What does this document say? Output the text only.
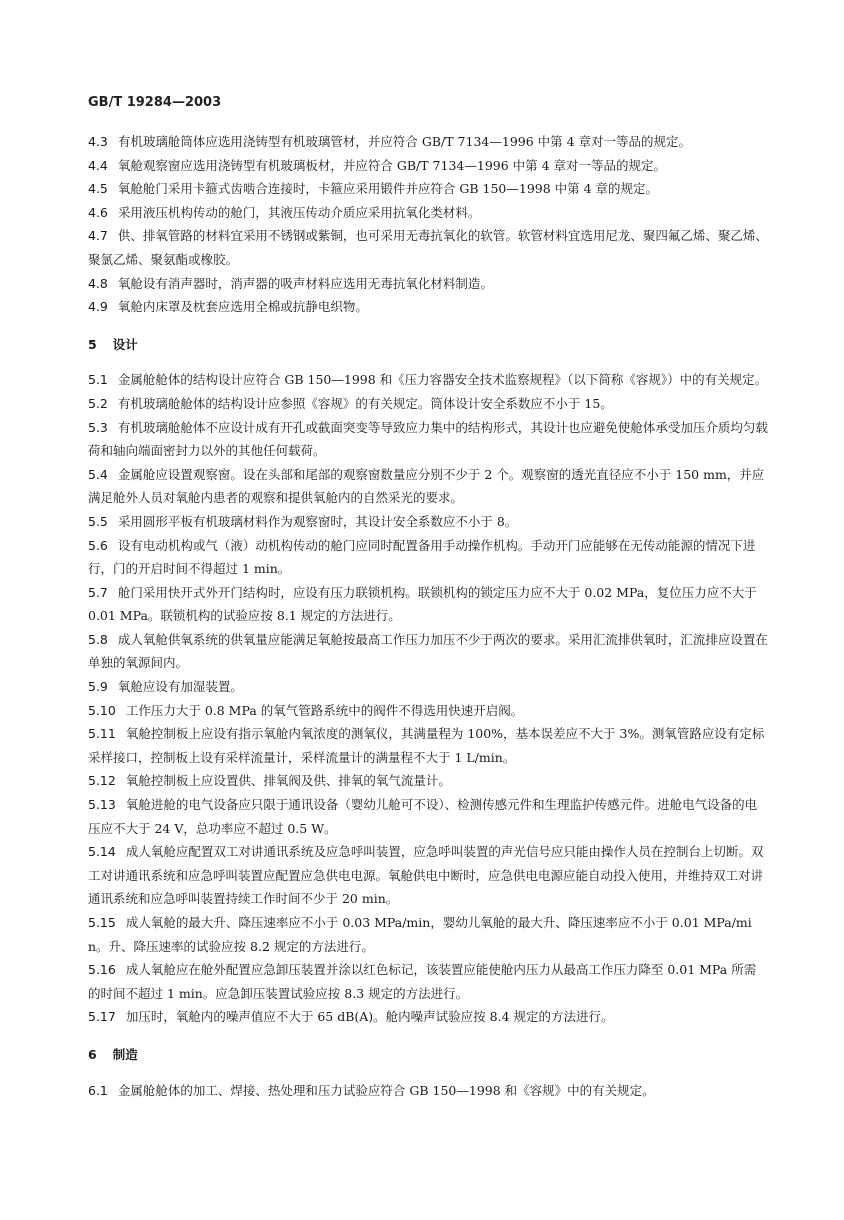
GB/T 19284—2003
4.3 有机玻璃舱筒体应选用浇铸型有机玻璃管材，并应符合 GB/T 7134—1996 中第 4 章对一等品的规定。
4.4 氧舱观察窗应选用浇铸型有机玻璃板材，并应符合 GB/T 7134—1996 中第 4 章对一等品的规定。
4.5 氧舱舱门采用卡箍式齿啮合连接时，卡箍应采用锻件并应符合 GB 150—1998 中第 4 章的规定。
4.6 采用液压机构传动的舱门，其液压传动介质应采用抗氧化类材料。
4.7 供、排氧管路的材料宜采用不锈钢或紫铜，也可采用无毒抗氧化的软管。软管材料宜选用尼龙、聚四氟乙烯、聚乙烯、聚氯乙烯、聚氨酯或橡胶。
4.8 氧舱设有消声器时，消声器的吸声材料应选用无毒抗氧化材料制造。
4.9 氧舱内床罩及枕套应选用全棉或抗静电织物。
5 设计
5.1 金属舱舱体的结构设计应符合 GB 150—1998 和《压力容器安全技术监察规程》（以下简称《容规》）中的有关规定。
5.2 有机玻璃舱舱体的结构设计应参照《容规》的有关规定。筒体设计安全系数应不小于 15。
5.3 有机玻璃舱舱体不应设计成有开孔或截面突变等导致应力集中的结构形式，其设计也应避免使舱体承受加压介质均匀载荷和轴向端面密封力以外的其他任何载荷。
5.4 金属舱应设置观察窗。设在头部和尾部的观察窗数量应分别不少于 2 个。观察窗的透光直径应不小于 150 mm，并应满足舱外人员对氧舱内患者的观察和提供氧舱内的自然采光的要求。
5.5 采用圆形平板有机玻璃材料作为观察窗时，其设计安全系数应不小于 8。
5.6 设有电动机构或气（液）动机构传动的舱门应同时配置备用手动操作机构。手动开门应能够在无传动能源的情况下进行，门的开启时间不得超过 1 min。
5.7 舱门采用快开式外开门结构时，应设有压力联锁机构。联锁机构的锁定压力应不大于 0.02 MPa，复位压力应不大于 0.01 MPa。联锁机构的试验应按 8.1 规定的方法进行。
5.8 成人氧舱供氧系统的供氧量应能满足氧舱按最高工作压力加压不少于两次的要求。采用汇流排供氧时，汇流排应设置在单独的氧源间内。
5.9 氧舱应设有加湿装置。
5.10 工作压力大于 0.8 MPa 的氧气管路系统中的阀件不得选用快速开启阀。
5.11 氧舱控制板上应设有指示氧舱内氧浓度的测氧仪，其满量程为 100%，基本误差应不大于 3%。测氧管路应设有定标采样接口，控制板上设有采样流量计，采样流量计的满量程不大于 1 L/min。
5.12 氧舱控制板上应设置供、排氧阀及供、排氧的氧气流量计。
5.13 氧舱进舱的电气设备应只限于通讯设备（婴幼儿舱可不设）、检测传感元件和生理监护传感元件。进舱电气设备的电压应不大于 24 V，总功率应不超过 0.5 W。
5.14 成人氧舱应配置双工对讲通讯系统及应急呼叫装置，应急呼叫装置的声光信号应只能由操作人员在控制台上切断。双工对讲通讯系统和应急呼叫装置应配置应急供电电源。氧舱供电中断时，应急供电电源应能自动投入使用，并维持双工对讲通讯系统和应急呼叫装置持续工作时间不少于 20 min。
5.15 成人氧舱的最大升、降压速率应不小于 0.03 MPa/min，婴幼儿氧舱的最大升、降压速率应不小于 0.01 MPa/min。升、降压速率的试验应按 8.2 规定的方法进行。
5.16 成人氧舱应在舱外配置应急卸压装置并涂以红色标记，该装置应能使舱内压力从最高工作压力降至 0.01 MPa 所需的时间不超过 1 min。应急卸压装置试验应按 8.3 规定的方法进行。
5.17 加压时，氧舱内的噪声值应不大于 65 dB(A)。舱内噪声试验应按 8.4 规定的方法进行。
6 制造
6.1 金属舱舱体的加工、焊接、热处理和压力试验应符合 GB 150—1998 和《容规》中的有关规定。
